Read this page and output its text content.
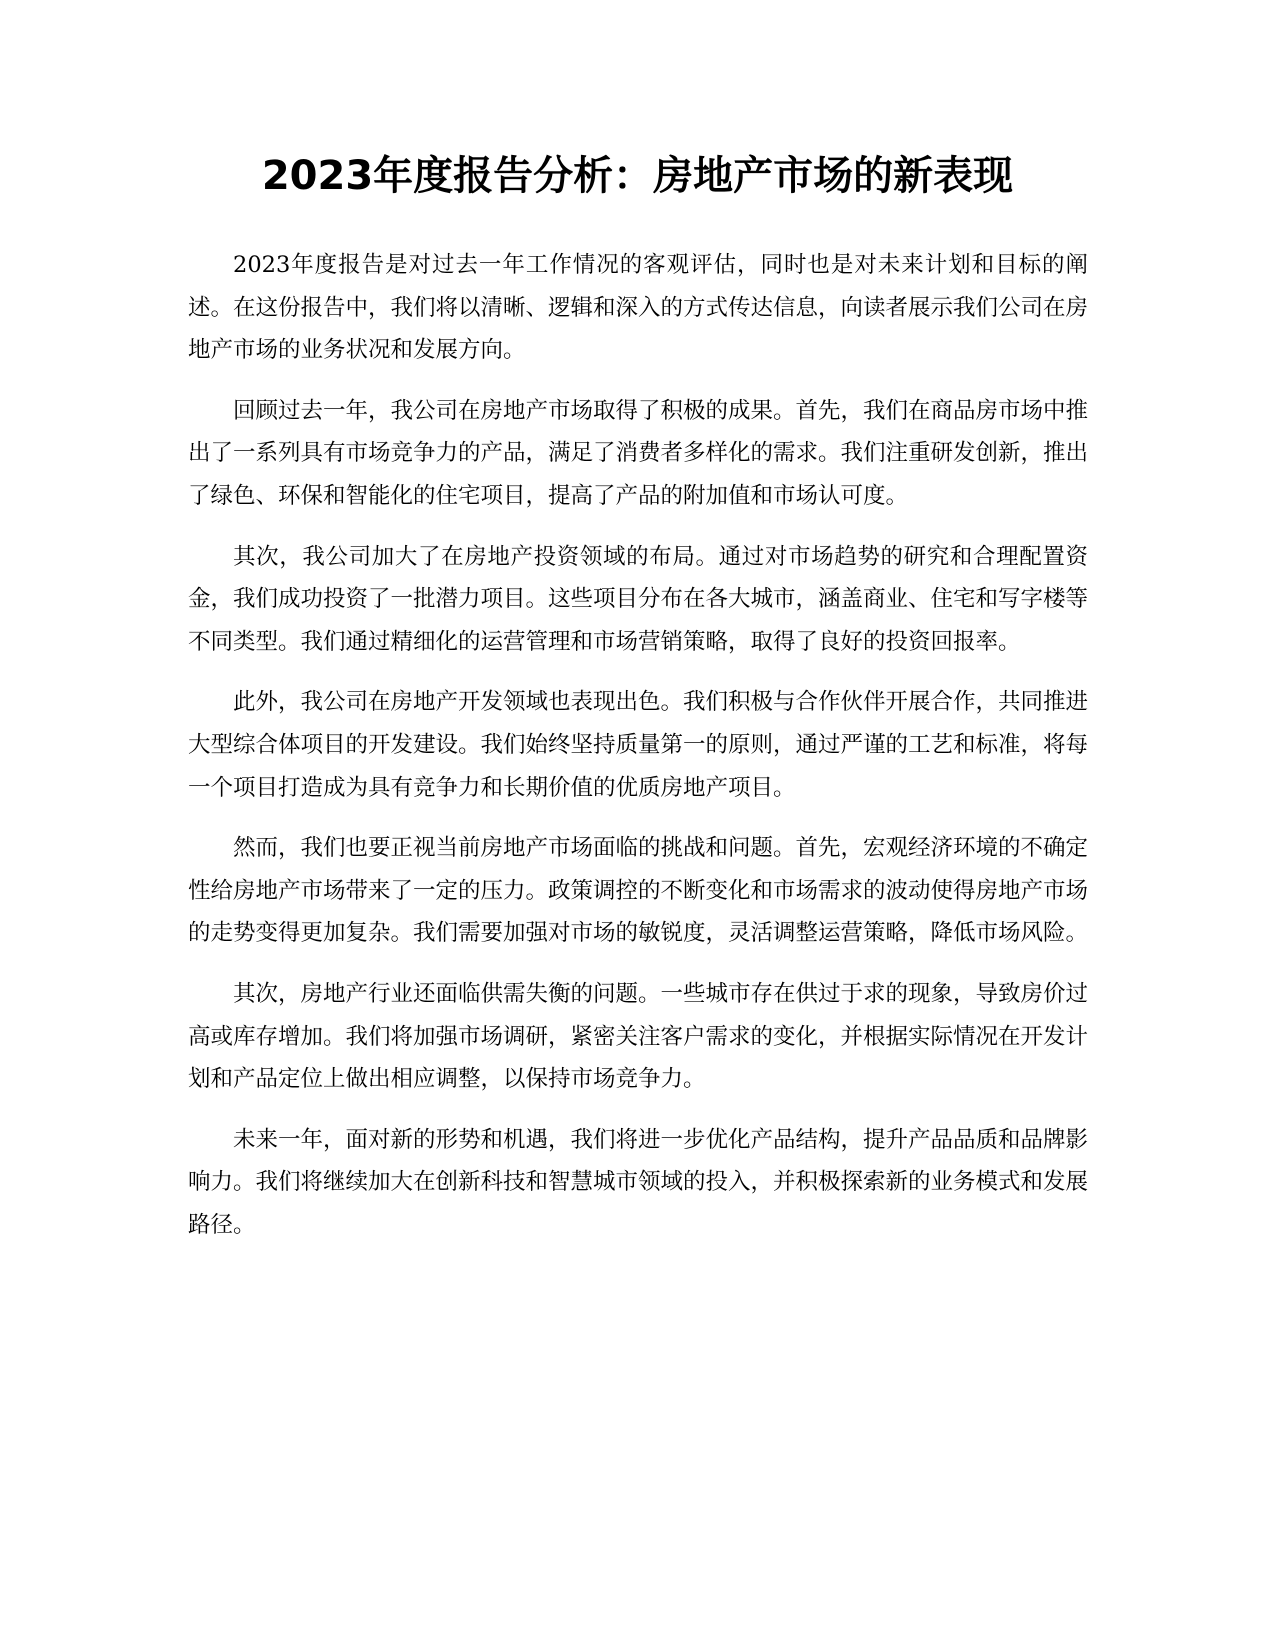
2023年度报告分析：房地产市场的新表现

2023年度报告是对过去一年工作情况的客观评估，同时也是对未来计划和目标的阐述。在这份报告中，我们将以清晰、逻辑和深入的方式传达信息，向读者展示我们公司在房地产市场的业务状况和发展方向。

回顾过去一年，我公司在房地产市场取得了积极的成果。首先，我们在商品房市场中推出了一系列具有市场竞争力的产品，满足了消费者多样化的需求。我们注重研发创新，推出了绿色、环保和智能化的住宅项目，提高了产品的附加值和市场认可度。

其次，我公司加大了在房地产投资领域的布局。通过对市场趋势的研究和合理配置资金，我们成功投资了一批潜力项目。这些项目分布在各大城市，涵盖商业、住宅和写字楼等不同类型。我们通过精细化的运营管理和市场营销策略，取得了良好的投资回报率。

此外，我公司在房地产开发领域也表现出色。我们积极与合作伙伴开展合作，共同推进大型综合体项目的开发建设。我们始终坚持质量第一的原则，通过严谨的工艺和标准，将每一个项目打造成为具有竞争力和长期价值的优质房地产项目。

然而，我们也要正视当前房地产市场面临的挑战和问题。首先，宏观经济环境的不确定性给房地产市场带来了一定的压力。政策调控的不断变化和市场需求的波动使得房地产市场的走势变得更加复杂。我们需要加强对市场的敏锐度，灵活调整运营策略，降低市场风险。

其次，房地产行业还面临供需失衡的问题。一些城市存在供过于求的现象，导致房价过高或库存增加。我们将加强市场调研，紧密关注客户需求的变化，并根据实际情况在开发计划和产品定位上做出相应调整，以保持市场竞争力。

未来一年，面对新的形势和机遇，我们将进一步优化产品结构，提升产品品质和品牌影响力。我们将继续加大在创新科技和智慧城市领域的投入，并积极探索新的业务模式和发展路径。
